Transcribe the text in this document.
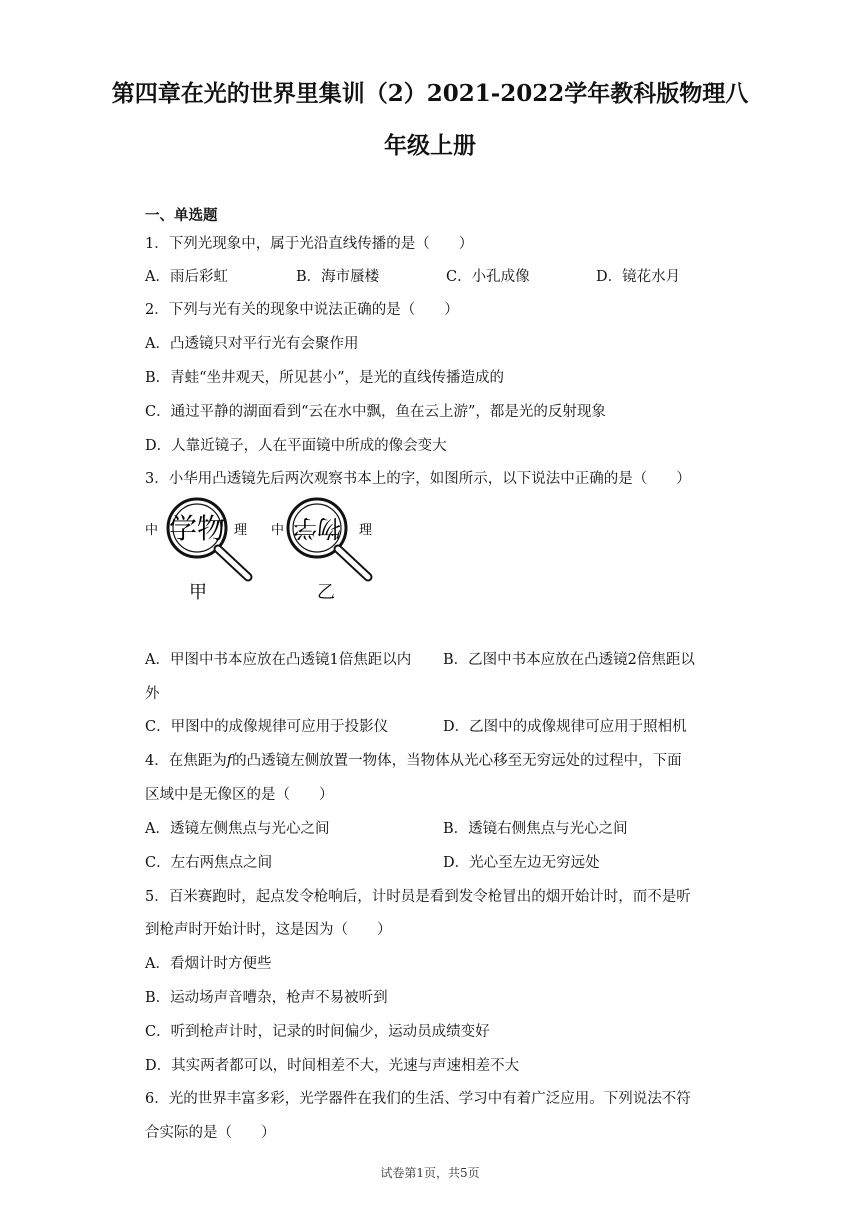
第四章在光的世界里集训（2）2021-2022学年教科版物理八
年级上册
一、单选题
1．下列光现象中，属于光沿直线传播的是（　　）
A．雨后彩虹	B．海市蜃楼	C．小孔成像	D．镜花水月
2．下列与光有关的现象中说法正确的是（　　）
A．凸透镜只对平行光有会聚作用
B．青蛙“坐井观天，所见甚小”，是光的直线传播造成的
C．通过平静的湖面看到“云在水中飘，鱼在云上游”，都是光的反射现象
D．人靠近镜子，人在平面镜中所成的像会变大
3．小华用凸透镜先后两次观察书本上的字，如图所示，以下说法中正确的是（　　）
中 学物 理
甲
中 物学 理
乙
A．甲图中书本应放在凸透镜1倍焦距以内 B．乙图中书本应放在凸透镜2倍焦距以
外
C．甲图中的成像规律可应用于投影仪	D．乙图中的成像规律可应用于照相机
4．在焦距为f的凸透镜左侧放置一物体，当物体从光心移至无穷远处的过程中，下面
区域中是无像区的是（　　）
A．透镜左侧焦点与光心之间	B．透镜右侧焦点与光心之间
C．左右两焦点之间	D．光心至左边无穷远处
5．百米赛跑时，起点发令枪响后，计时员是看到发令枪冒出的烟开始计时，而不是听
到枪声时开始计时，这是因为（　　）
A．看烟计时方便些
B．运动场声音嘈杂，枪声不易被听到
C．听到枪声计时，记录的时间偏少，运动员成绩变好
D．其实两者都可以，时间相差不大，光速与声速相差不大
6．光的世界丰富多彩，光学器件在我们的生活、学习中有着广泛应用。下列说法不符
合实际的是（　　）
试卷第1页，共5页
